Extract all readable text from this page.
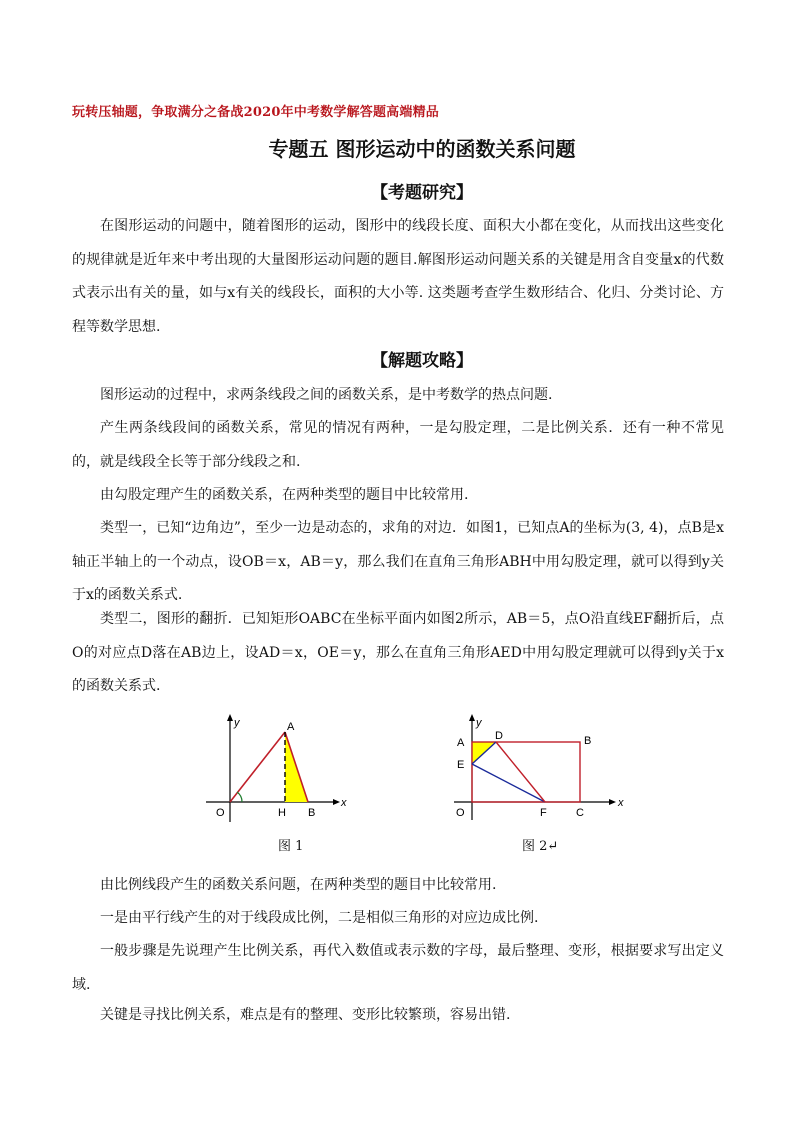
玩转压轴题，争取满分之备战2020年中考数学解答题高端精品
专题五 图形运动中的函数关系问题
【考题研究】
在图形运动的问题中，随着图形的运动，图形中的线段长度、面积大小都在变化，从而找出这些变化的规律就是近年来中考出现的大量图形运动问题的题目.解图形运动问题关系的关键是用含自变量x的代数式表示出有关的量，如与x有关的线段长，面积的大小等. 这类题考查学生数形结合、化归、分类讨论、方程等数学思想.
【解题攻略】
图形运动的过程中，求两条线段之间的函数关系，是中考数学的热点问题.
产生两条线段间的函数关系，常见的情况有两种，一是勾股定理，二是比例关系．还有一种不常见的，就是线段全长等于部分线段之和.
由勾股定理产生的函数关系，在两种类型的题目中比较常用.
类型一，已知“边角边”，至少一边是动态的，求角的对边．如图1，已知点A的坐标为(3, 4)，点B是x轴正半轴上的一个动点，设OB＝x，AB＝y，那么我们在直角三角形ABH中用勾股定理，就可以得到y关于x的函数关系式.
类型二，图形的翻折．已知矩形OABC在坐标平面内如图2所示，AB＝5，点O沿直线EF翻折后，点O的对应点D落在AB边上，设AD＝x，OE＝y，那么在直角三角形AED中用勾股定理就可以得到y关于x的函数关系式.
y
x
O
A
H B
图 1
y
x
O
A
D	B
E
F	C
图 2↵
由比例线段产生的函数关系问题，在两种类型的题目中比较常用.
一是由平行线产生的对于线段成比例，二是相似三角形的对应边成比例.
一般步骤是先说理产生比例关系，再代入数值或表示数的字母，最后整理、变形，根据要求写出定义域.
关键是寻找比例关系，难点是有的整理、变形比较繁琐，容易出错.
